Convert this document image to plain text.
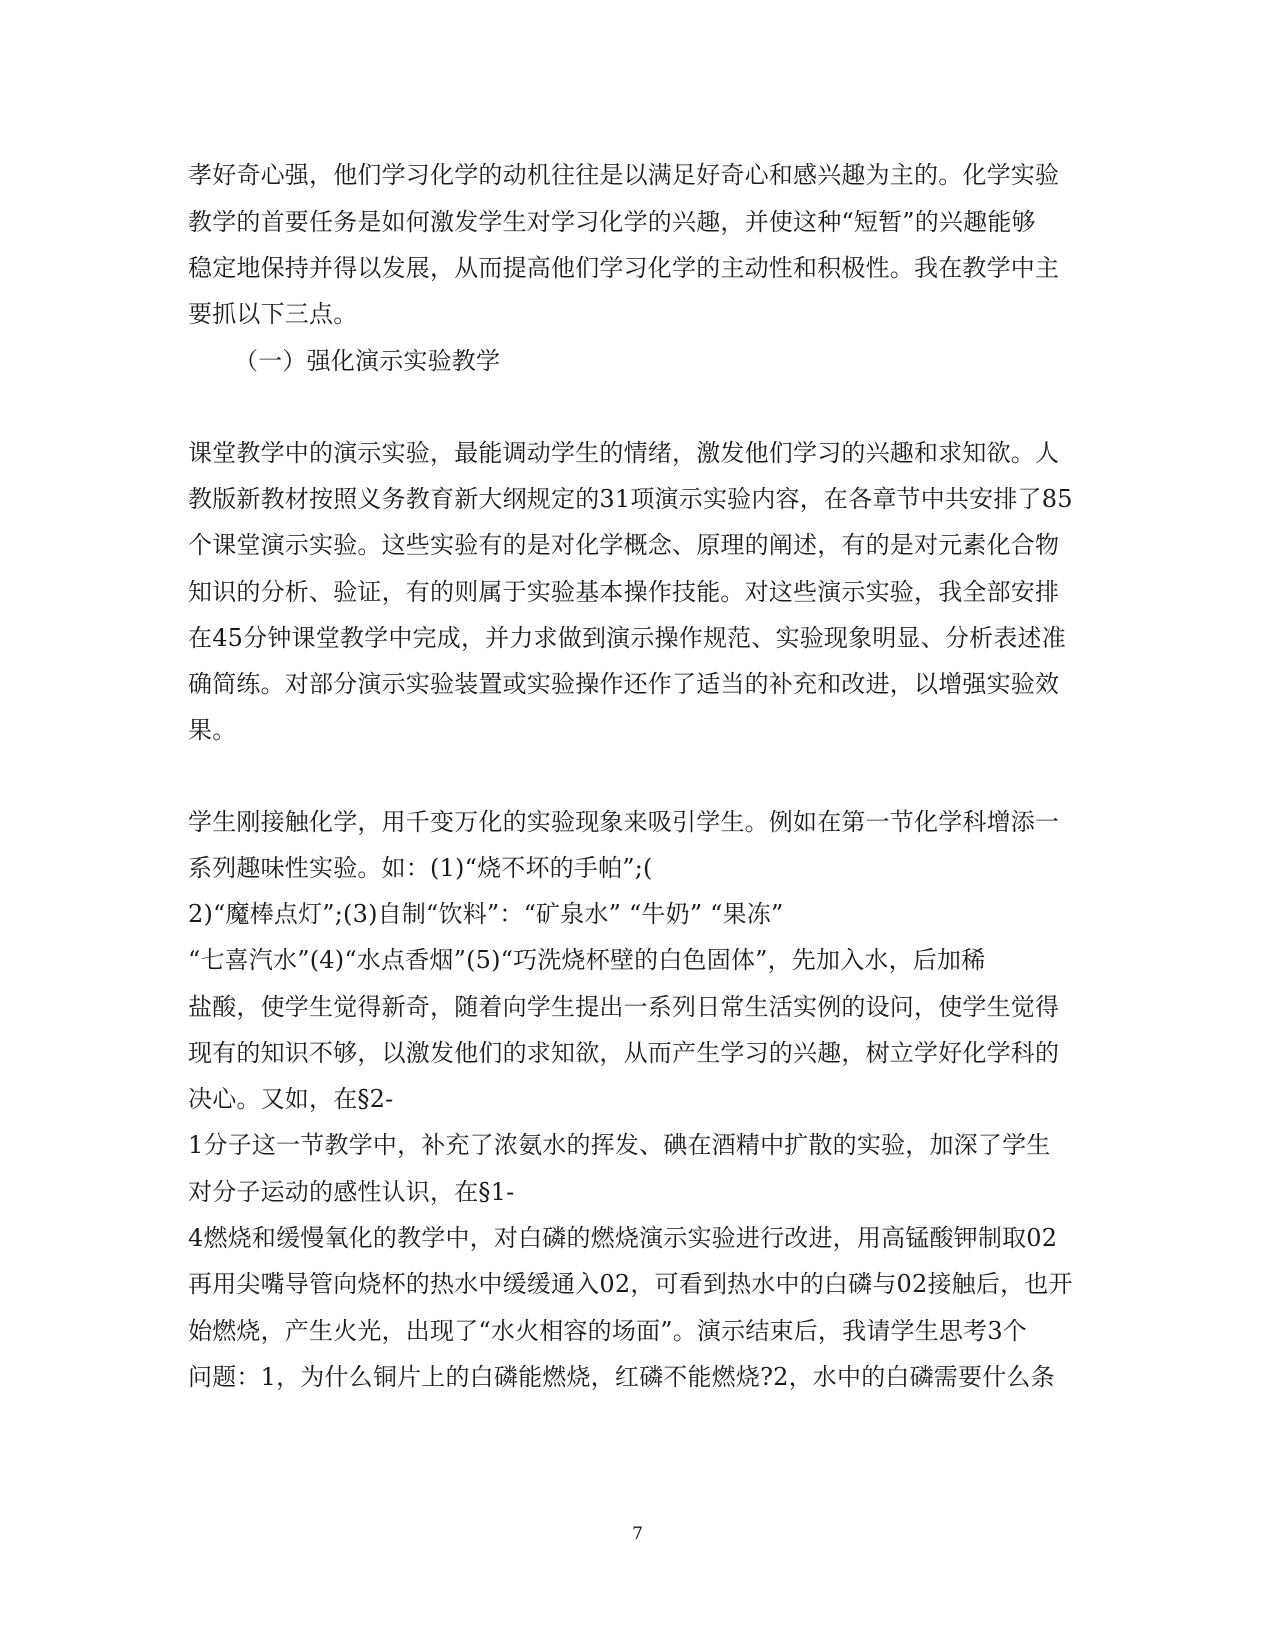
孝好奇心强，他们学习化学的动机往往是以满足好奇心和感兴趣为主的。化学实验
教学的首要任务是如何激发学生对学习化学的兴趣，并使这种“短暂”的兴趣能够
稳定地保持并得以发展，从而提高他们学习化学的主动性和积极性。我在教学中主
要抓以下三点。
（一）强化演示实验教学
课堂教学中的演示实验，最能调动学生的情绪，激发他们学习的兴趣和求知欲。人
教版新教材按照义务教育新大纲规定的31项演示实验内容，在各章节中共安排了85
个课堂演示实验。这些实验有的是对化学概念、原理的阐述，有的是对元素化合物
知识的分析、验证，有的则属于实验基本操作技能。对这些演示实验，我全部安排
在45分钟课堂教学中完成，并力求做到演示操作规范、实验现象明显、分析表述准
确简练。对部分演示实验装置或实验操作还作了适当的补充和改进，以增强实验效
果。
学生刚接触化学，用千变万化的实验现象来吸引学生。例如在第一节化学科增添一
系列趣味性实验。如：(1)“烧不坏的手帕”;(
2)“魔棒点灯”;(3)自制“饮料”：“矿泉水” “牛奶” “果冻”
“七喜汽水”(4)“水点香烟”(5)“巧洗烧杯壁的白色固体”，先加入水，后加稀
盐酸，使学生觉得新奇，随着向学生提出一系列日常生活实例的设问，使学生觉得
现有的知识不够，以激发他们的求知欲，从而产生学习的兴趣，树立学好化学科的
决心。又如，在§2-
1分子这一节教学中，补充了浓氨水的挥发、碘在酒精中扩散的实验，加深了学生
对分子运动的感性认识，在§1-
4燃烧和缓慢氧化的教学中，对白磷的燃烧演示实验进行改进，用高锰酸钾制取02
再用尖嘴导管向烧杯的热水中缓缓通入02，可看到热水中的白磷与02接触后，也开
始燃烧，产生火光，出现了“水火相容的场面”。演示结束后，我请学生思考3个
问题：1，为什么铜片上的白磷能燃烧，红磷不能燃烧?2，水中的白磷需要什么条
7
